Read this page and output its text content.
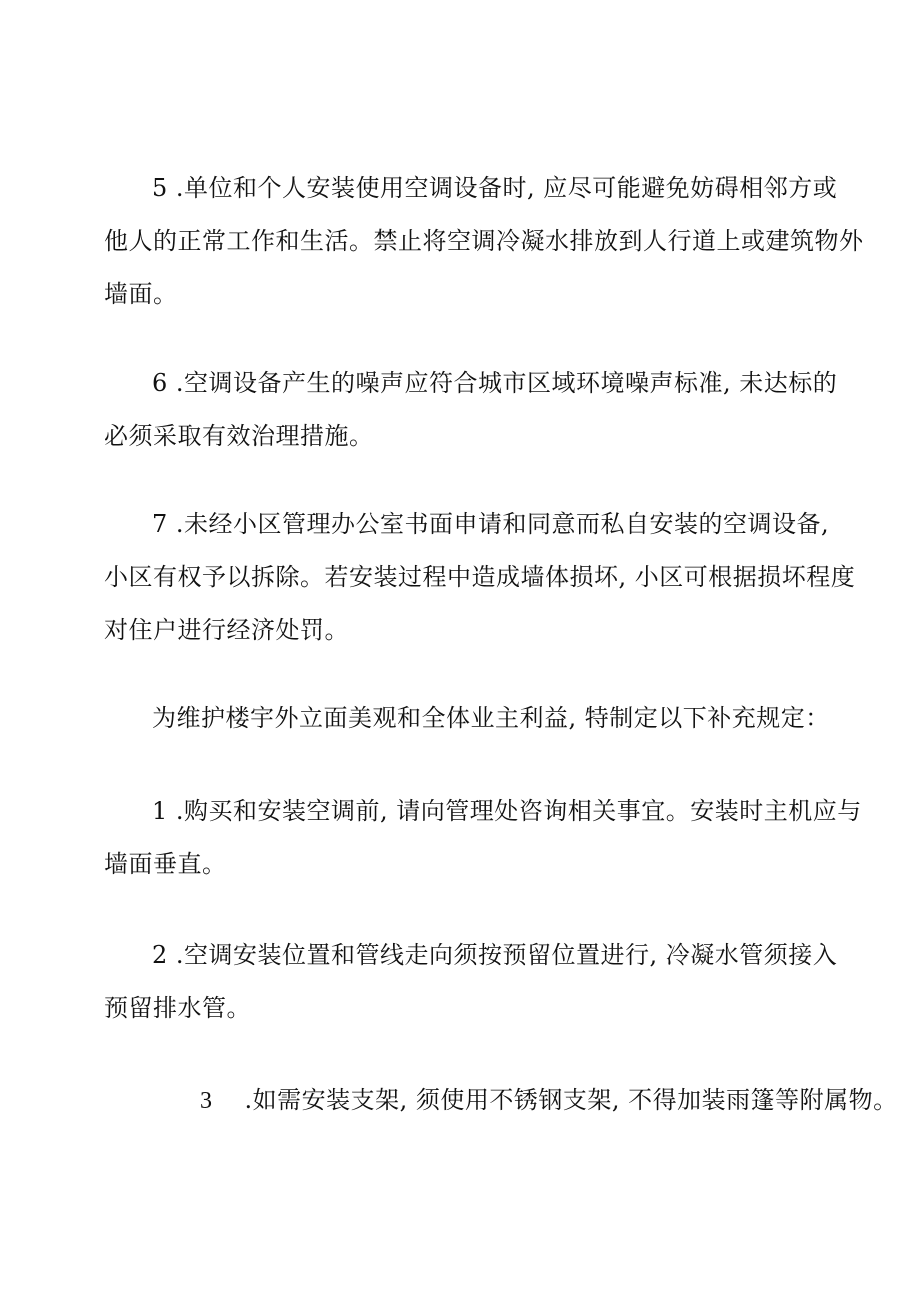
5 .单位和个人安装使用空调设备时, 应尽可能避免妨碍相邻方或
他人的正常工作和生活。禁止将空调冷凝水排放到人行道上或建筑物外
墙面。

6 .空调设备产生的噪声应符合城市区域环境噪声标准, 未达标的
必须采取有效治理措施。

7 .未经小区管理办公室书面申请和同意而私自安装的空调设备,
小区有权予以拆除。若安装过程中造成墙体损坏, 小区可根据损坏程度
对住户进行经济处罚。

为维护楼宇外立面美观和全体业主利益, 特制定以下补充规定：

1 .购买和安装空调前, 请向管理处咨询相关事宜。安装时主机应与
墙面垂直。

2 .空调安装位置和管线走向须按预留位置进行, 冷凝水管须接入
预留排水管。

3 .如需安装支架, 须使用不锈钢支架, 不得加装雨篷等附属物。
